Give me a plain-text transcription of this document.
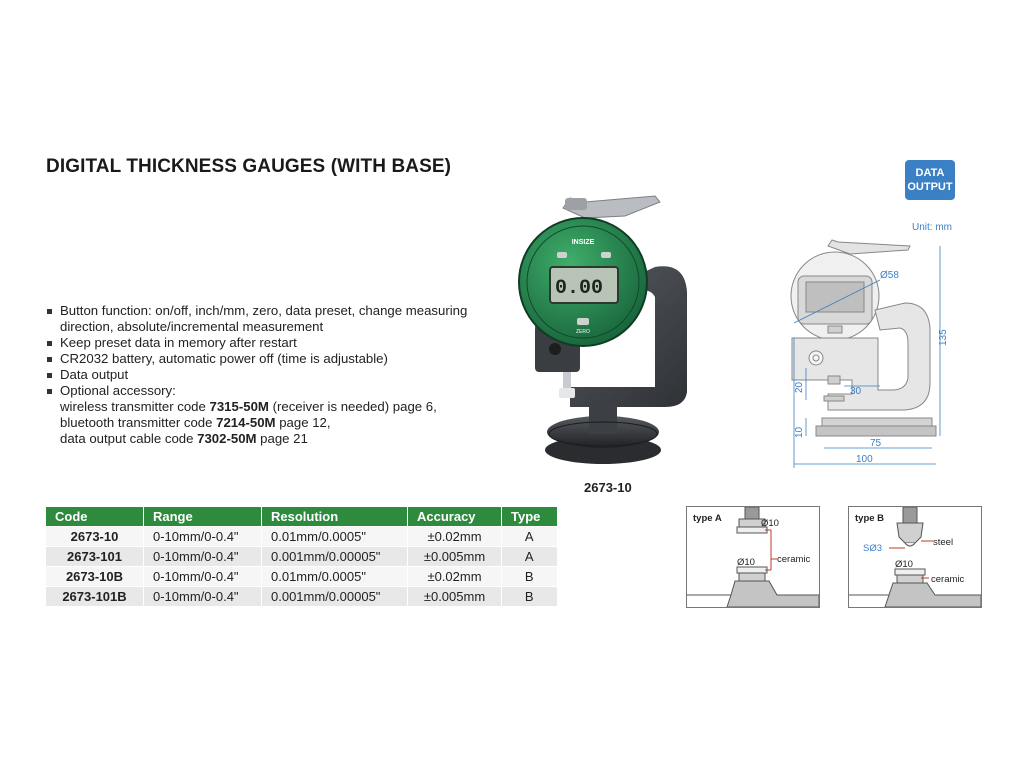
DIGITAL THICKNESS GAUGES (WITH BASE)	DATA
OUTPUT
Button function: on/off, inch/mm, zero, data preset, change measuring direction, absolute/incremental measurement
Keep preset data in memory after restart
CR2032 battery, automatic power off (time is adjustable)
Data output
Optional accessory:
wireless transmitter code 7315-50M (receiver is needed) page 6,
bluetooth transmitter code 7214-50M page 12,
data output cable code 7302-50M page 21
INSIZE
0.00
ZERO
2673-10
Unit: mm
Ø58
135
20	30
10
75
100
Code	Range	Resolution	Accuracy	Type
2673-10	0-10mm/0-0.4"	0.01mm/0.0005"	±0.02mm	A
2673-101	0-10mm/0-0.4"	0.001mm/0.00005"	±0.005mm	A
2673-10B	0-10mm/0-0.4"	0.01mm/0.0005"	±0.02mm	B
2673-101B	0-10mm/0-0.4"	0.001mm/0.00005"	±0.005mm	B
type A	Ø10
Ø10 ceramic
type B
steel
SØ3
Ø10
ceramic
